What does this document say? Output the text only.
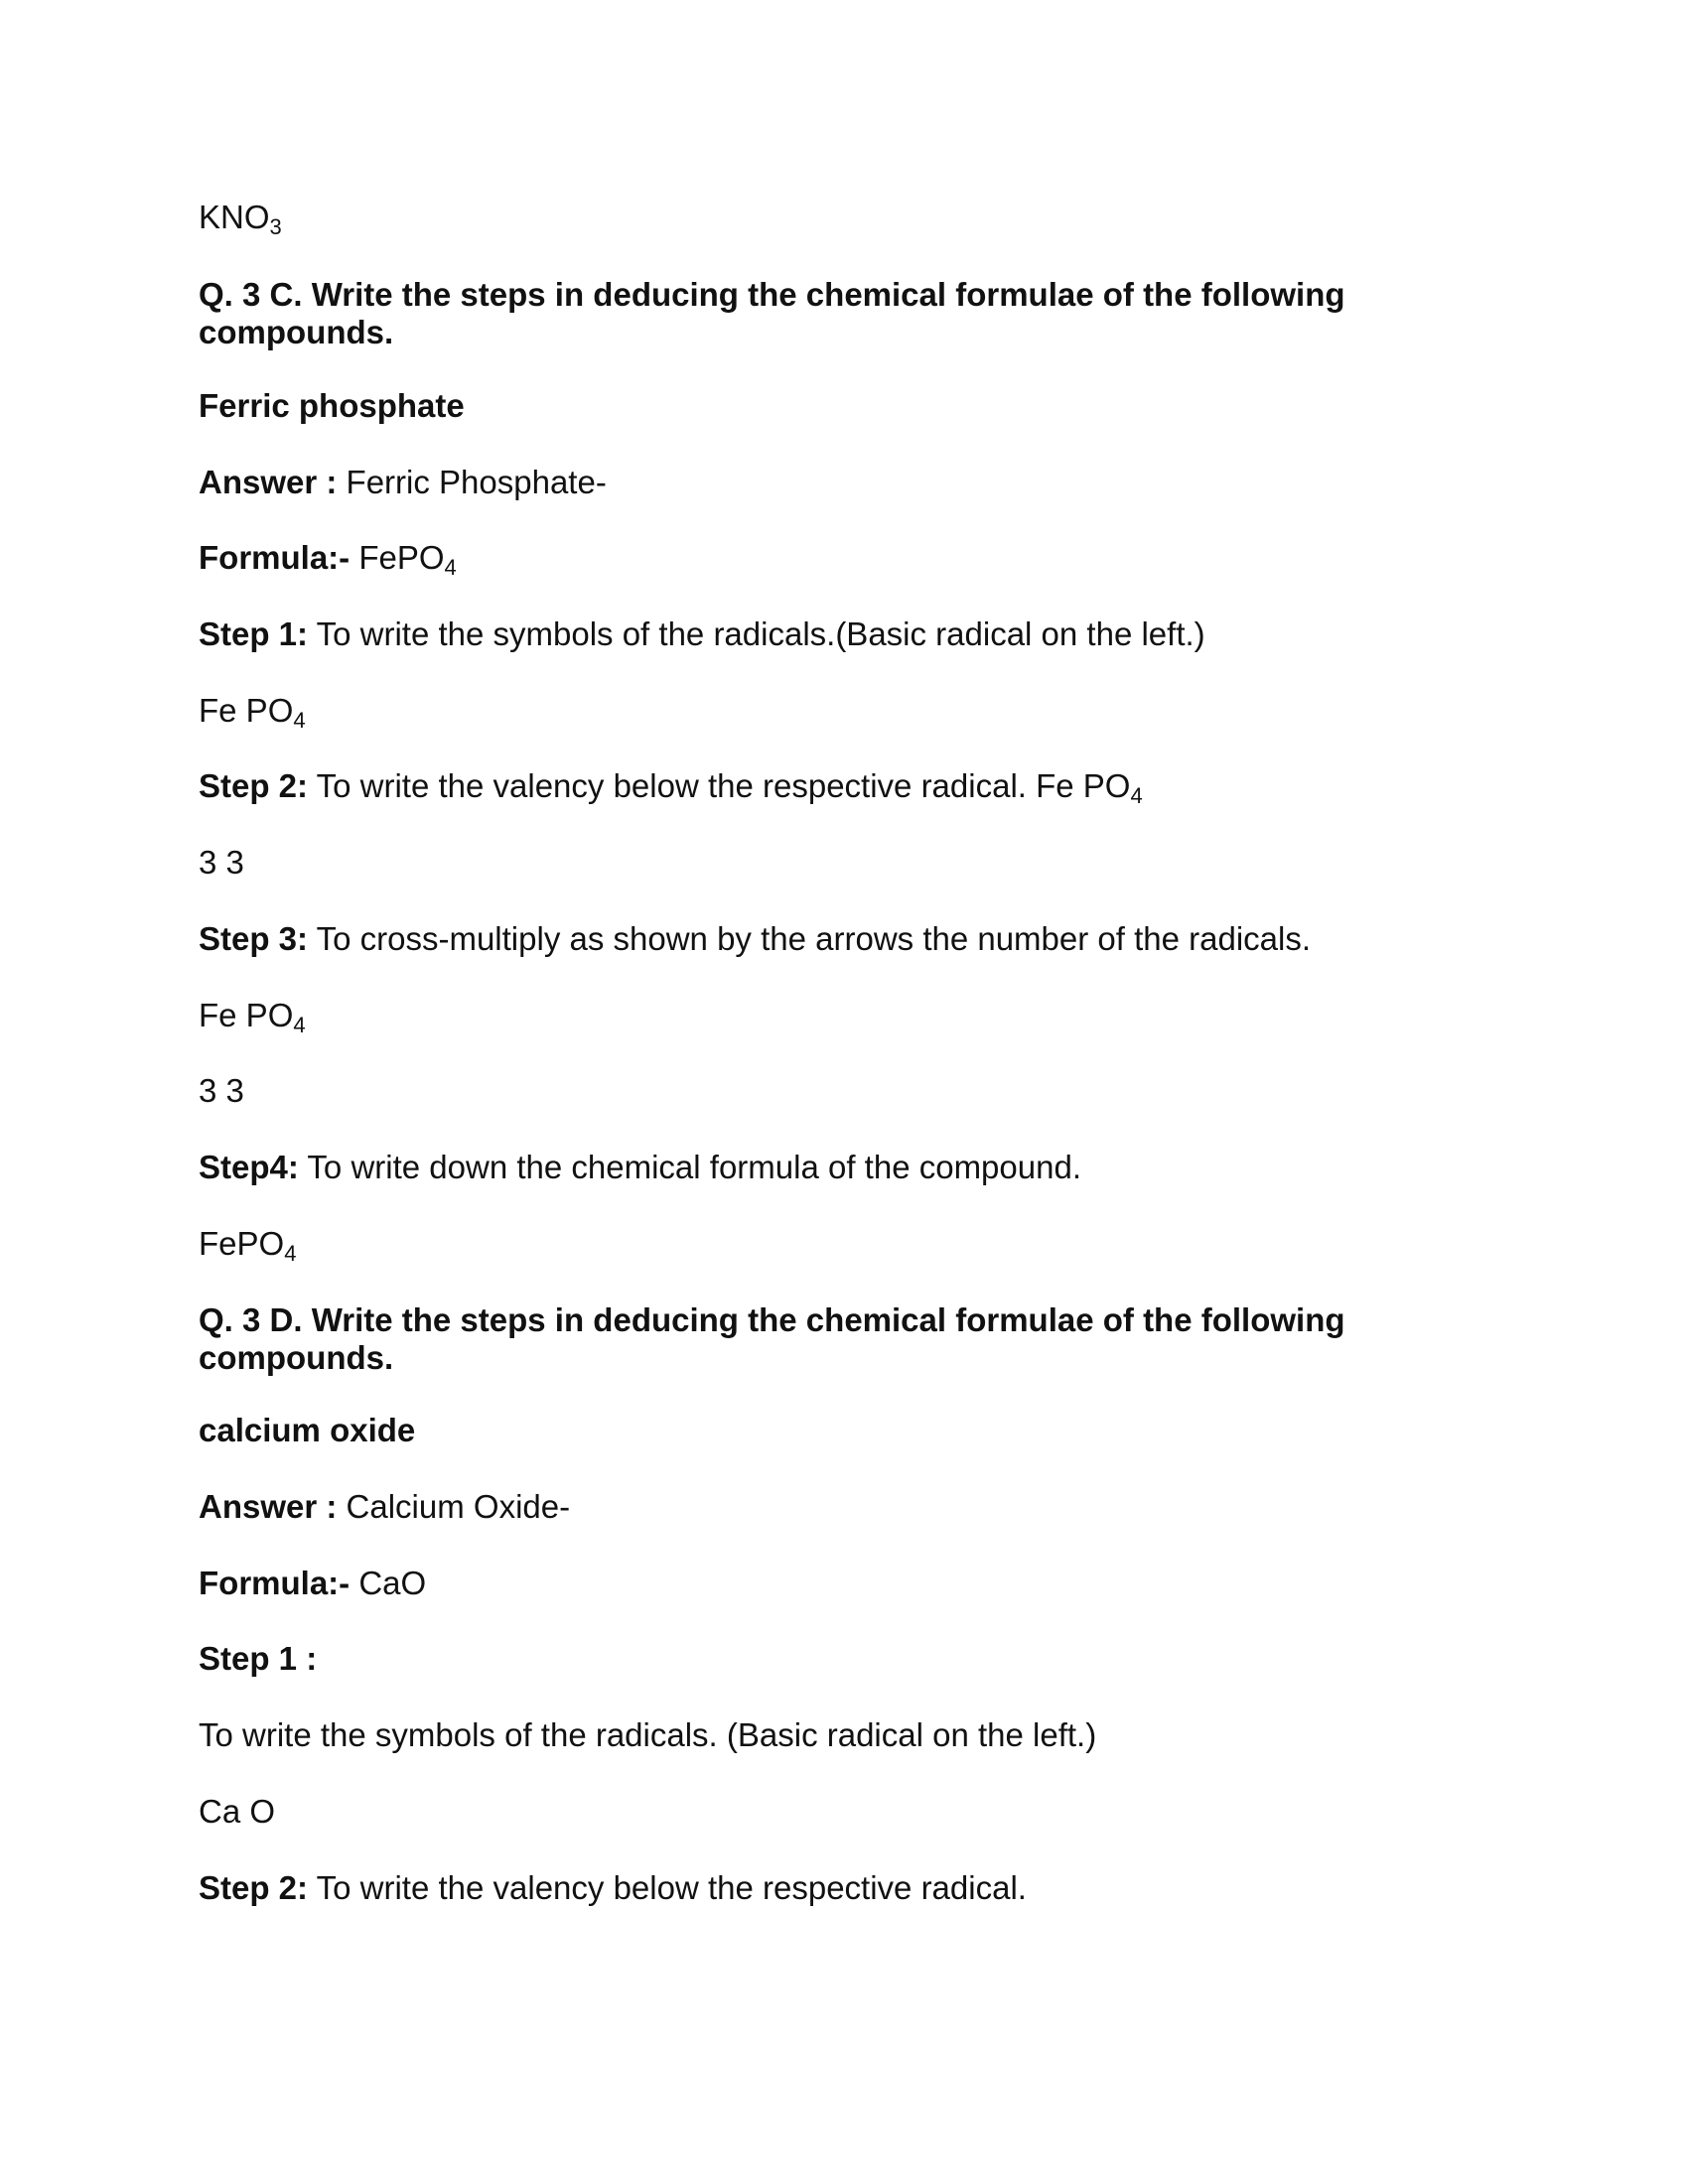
KNO3
Q. 3 C. Write the steps in deducing the chemical formulae of the following compounds.
Ferric phosphate
Answer : Ferric Phosphate-
Formula:- FePO4
Step 1: To write the symbols of the radicals.(Basic radical on the left.)
Fe PO4
Step 2: To write the valency below the respective radical. Fe PO4
3 3
Step 3: To cross-multiply as shown by the arrows the number of the radicals.
Fe PO4
3 3
Step4: To write down the chemical formula of the compound.
FePO4
Q. 3 D. Write the steps in deducing the chemical formulae of the following compounds.
calcium oxide
Answer : Calcium Oxide-
Formula:- CaO
Step 1 :
To write the symbols of the radicals. (Basic radical on the left.)
Ca O
Step 2: To write the valency below the respective radical.
